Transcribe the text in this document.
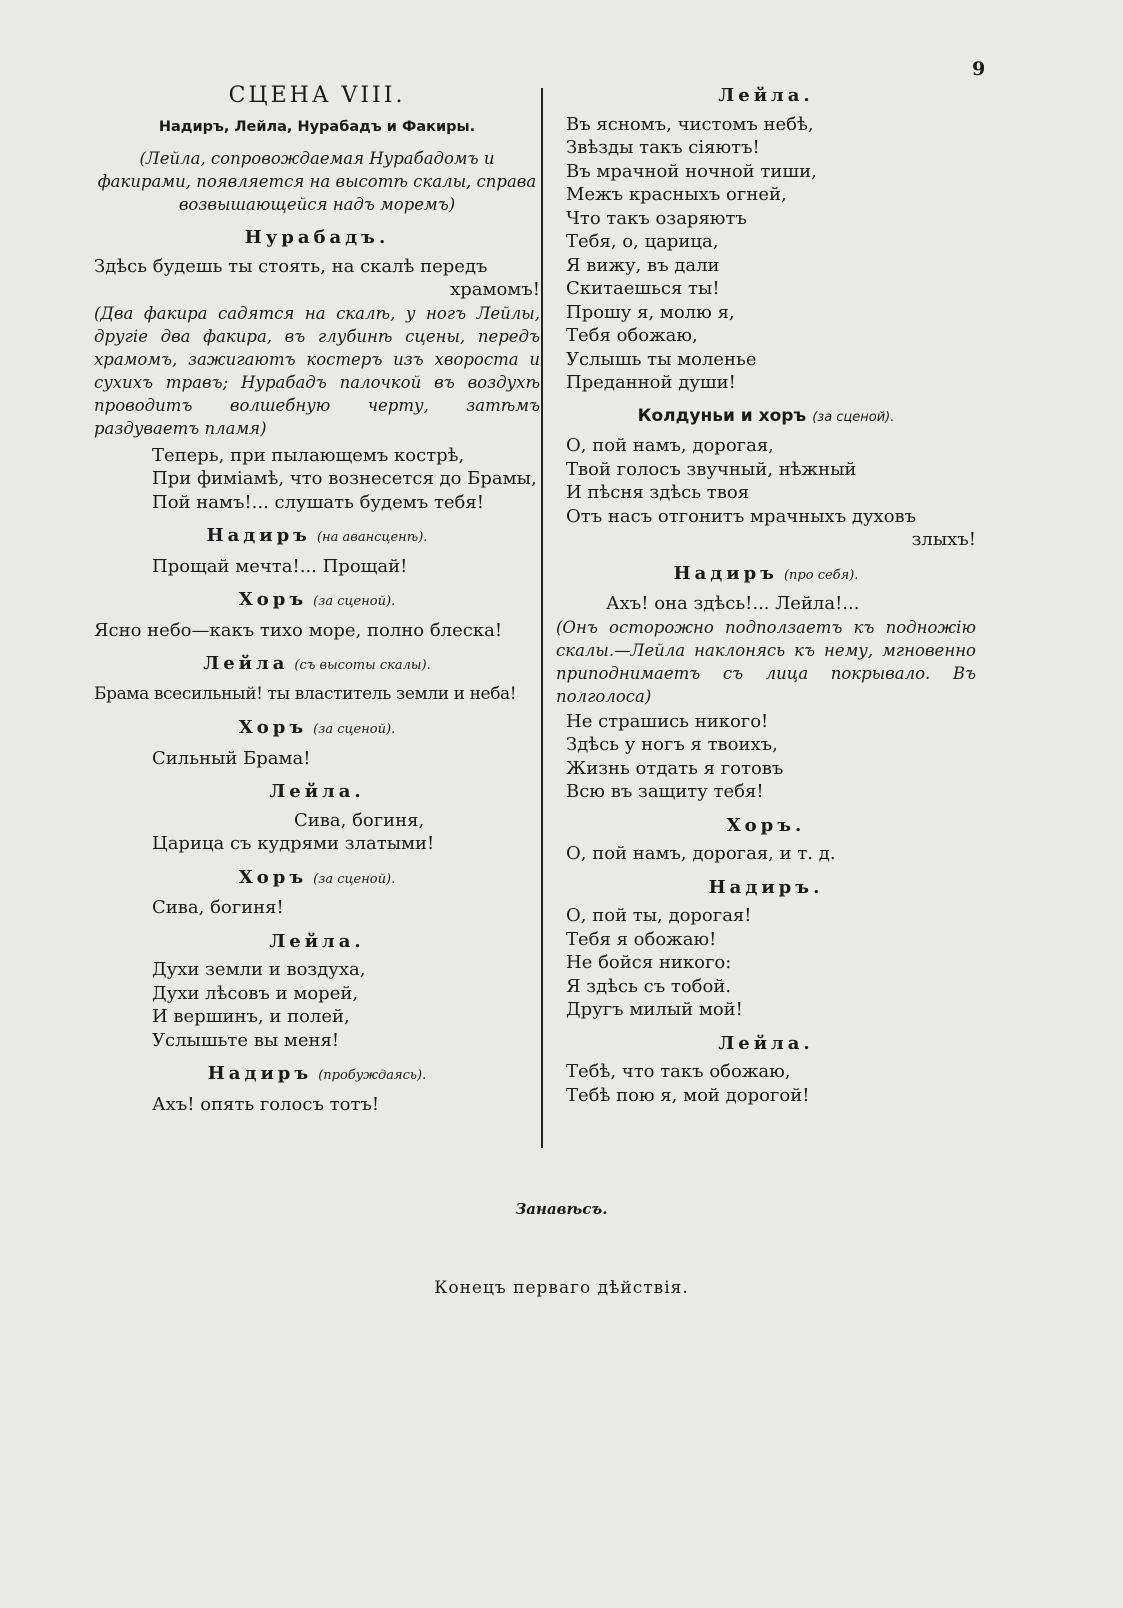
9
СЦЕНА VIII.
Надиръ, Лейла, Нурабадъ и Факиры.
(Лейла, сопровождаемая Нурабадомъ и факирами, появляется на высотѣ скалы, справа возвышающейся надъ моремъ)
Нурабадъ.
Здѣсь будешь ты стоять, на скалѣ передъ
храмомъ!
(Два факира садятся на скалѣ, у ногъ Лейлы, другіе два факира, въ глубинѣ сцены, передъ храмомъ, зажигаютъ костеръ изъ хвороста и сухихъ травъ; Нурабадъ палочкой въ воздухѣ проводитъ волшебную черту, затѣмъ раздуваетъ пламя)
Теперь, при пылающемъ кострѣ,
При фиміамѣ, что вознесется до Брамы,
Пой намъ!... слушать будемъ тебя!
Надиръ (на авансценѣ).
Прощай мечта!... Прощай!
Хоръ (за сценой).
Ясно небо—какъ тихо море, полно блеска!
Лейла (съ высоты скалы).
Брама всесильный! ты властитель земли и неба!
Хоръ (за сценой).
Сильный Брама!
Лейла.
Сива, богиня,
Царица съ кудрями златыми!
Хоръ (за сценой).
Сива, богиня!
Лейла.
Духи земли и воздуха,
Духи лѣсовъ и морей,
И вершинъ, и полей,
Услышьте вы меня!
Надиръ (пробуждаясь).
Ахъ! опять голосъ тотъ!
Лейла.
Въ ясномъ, чистомъ небѣ,
Звѣзды такъ сіяютъ!
Въ мрачной ночной тиши,
Межъ красныхъ огней,
Что такъ озаряютъ
Тебя, о, царица,
Я вижу, въ дали
Скитаешься ты!
Прошу я, молю я,
Тебя обожаю,
Услышь ты моленье
Преданной души!
Колдуньи и хоръ (за сценой).
О, пой намъ, дорогая,
Твой голосъ звучный, нѣжный
И пѣсня здѣсь твоя
Отъ насъ отгонитъ мрачныхъ духовъ
злыхъ!
Надиръ (про себя).
Ахъ! она здѣсь!... Лейла!...
(Онъ осторожно подползаетъ къ подножію скалы.—Лейла наклонясь къ нему, мгновенно приподнимаетъ съ лица покрывало. Въ полголоса)
Не страшись никого!
Здѣсь у ногъ я твоихъ,
Жизнь отдать я готовъ
Всю въ защиту тебя!
Хоръ.
О, пой намъ, дорогая, и т. д.
Надиръ.
О, пой ты, дорогая!
Тебя я обожаю!
Не бойся никого:
Я здѣсь съ тобой.
Другъ милый мой!
Лейла.
Тебѣ, что такъ обожаю,
Тебѣ пою я, мой дорогой!
Занавѣсъ.
Конецъ перваго дѣйствія.
